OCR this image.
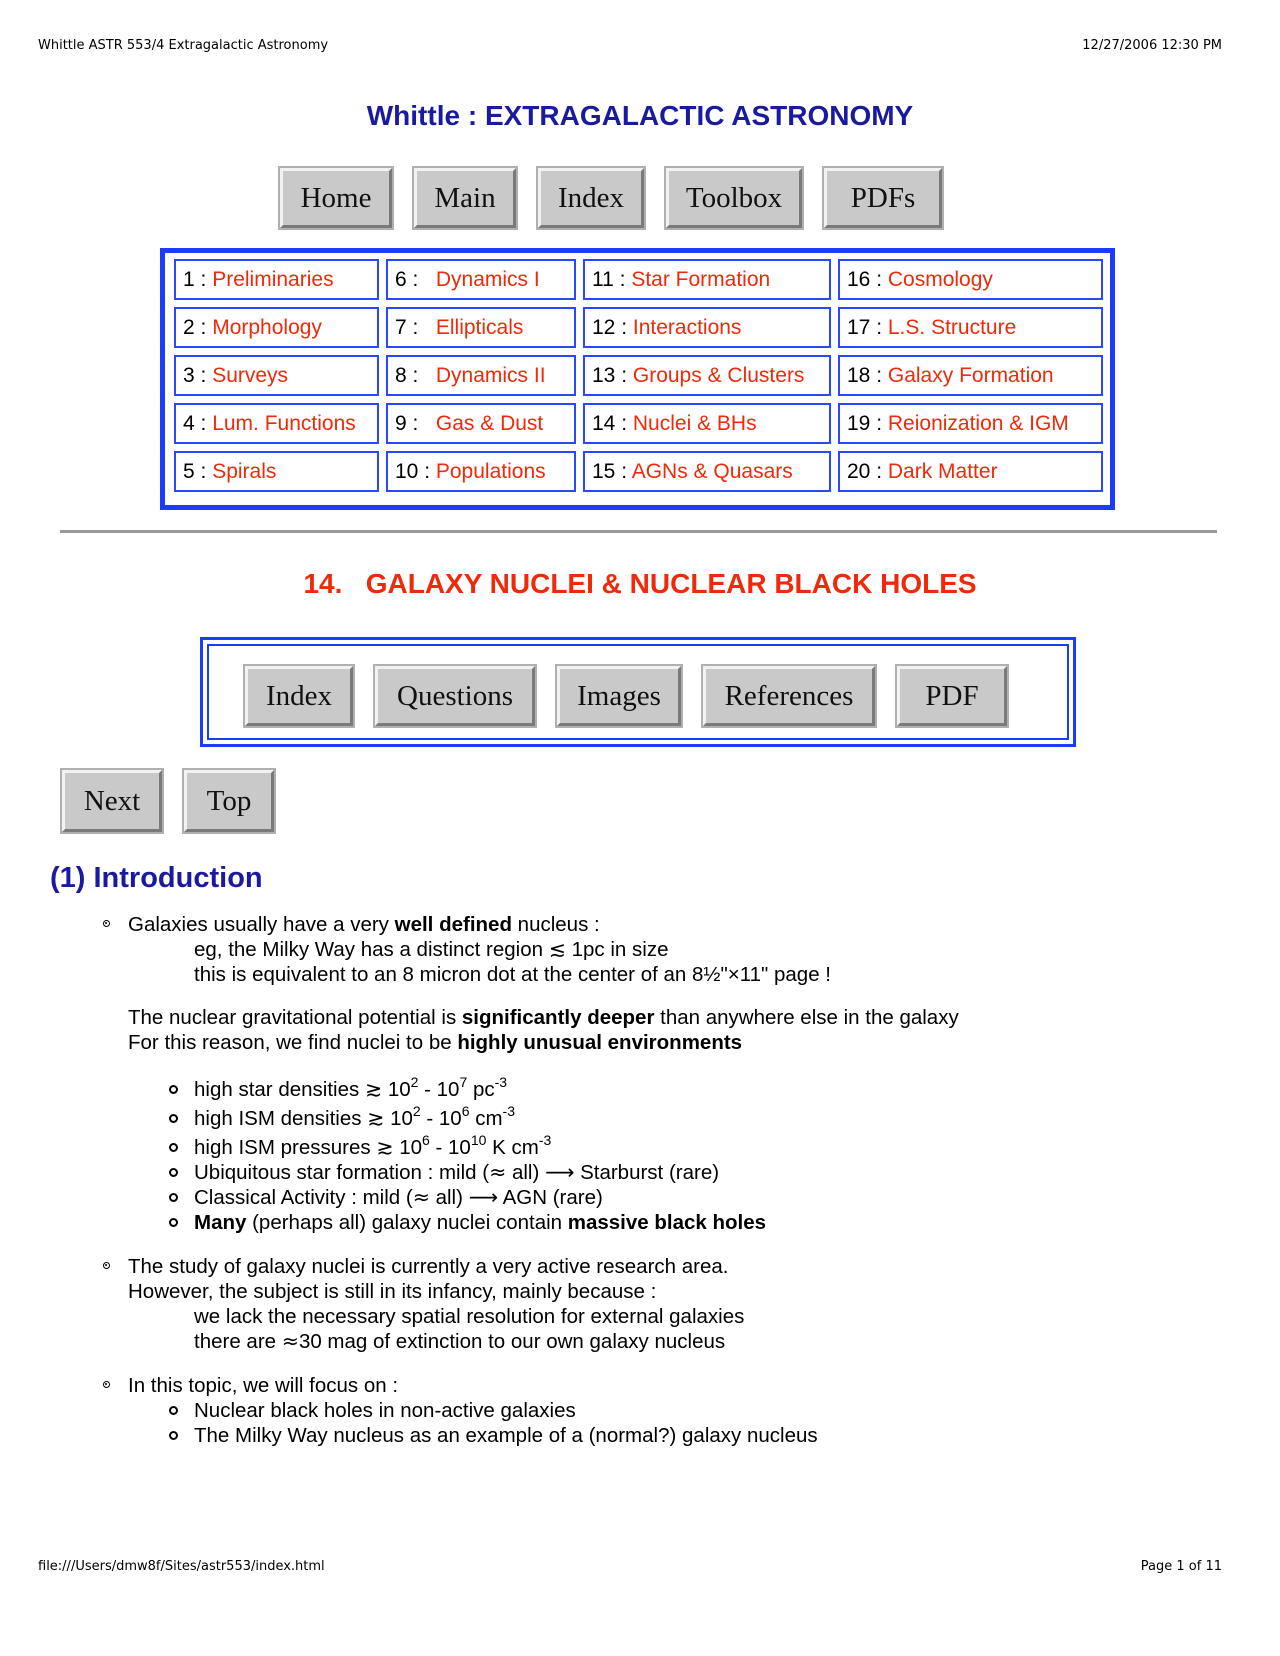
Whittle ASTR 553/4 Extragalactic Astronomy	12/27/2006 12:30 PM
Whittle : EXTRAGALACTIC ASTRONOMY
Home	Main	Index	Toolbox	PDFs
1 : Preliminaries	6 : Dynamics I	11 : Star Formation	16 : Cosmology
2 : Morphology	7 : Ellipticals	12 : Interactions	17 : L.S. Structure
3 : Surveys	8 : Dynamics II	13 : Groups & Clusters	18 : Galaxy Formation
4 : Lum. Functions	9 : Gas & Dust	14 : Nuclei & BHs	19 : Reionization & IGM
5 : Spirals	10 : Populations	15 : AGNs & Quasars	20 : Dark Matter
14.   GALAXY NUCLEI & NUCLEAR BLACK HOLES
Index	Questions	Images	References	PDF
Next	Top
(1) Introduction
Galaxies usually have a very well defined nucleus :
eg, the Milky Way has a distinct region ≲ 1pc in size
this is equivalent to an 8 micron dot at the center of an 8½"×11" page !
The nuclear gravitational potential is significantly deeper than anywhere else in the galaxy
For this reason, we find nuclei to be highly unusual environments
high star densities ≳ $10^2 - 10^7$ $pc^{-3}$
high ISM densities ≳ $10^2 - 10^6$ $cm^{-3}$
high ISM pressures ≳ $10^6 - 10^{10}$ K $cm^{-3}$
Ubiquitous star formation : mild (≈ all) ⟶ Starburst (rare)
Classical Activity : mild (≈ all) ⟶ AGN (rare)
Many (perhaps all) galaxy nuclei contain massive black holes
The study of galaxy nuclei is currently a very active research area.
However, the subject is still in its infancy, mainly because :
we lack the necessary spatial resolution for external galaxies
there are ≈30 mag of extinction to our own galaxy nucleus
In this topic, we will focus on :
Nuclear black holes in non-active galaxies
The Milky Way nucleus as an example of a (normal?) galaxy nucleus
file:///Users/dmw8f/Sites/astr553/index.html	Page 1 of 11
